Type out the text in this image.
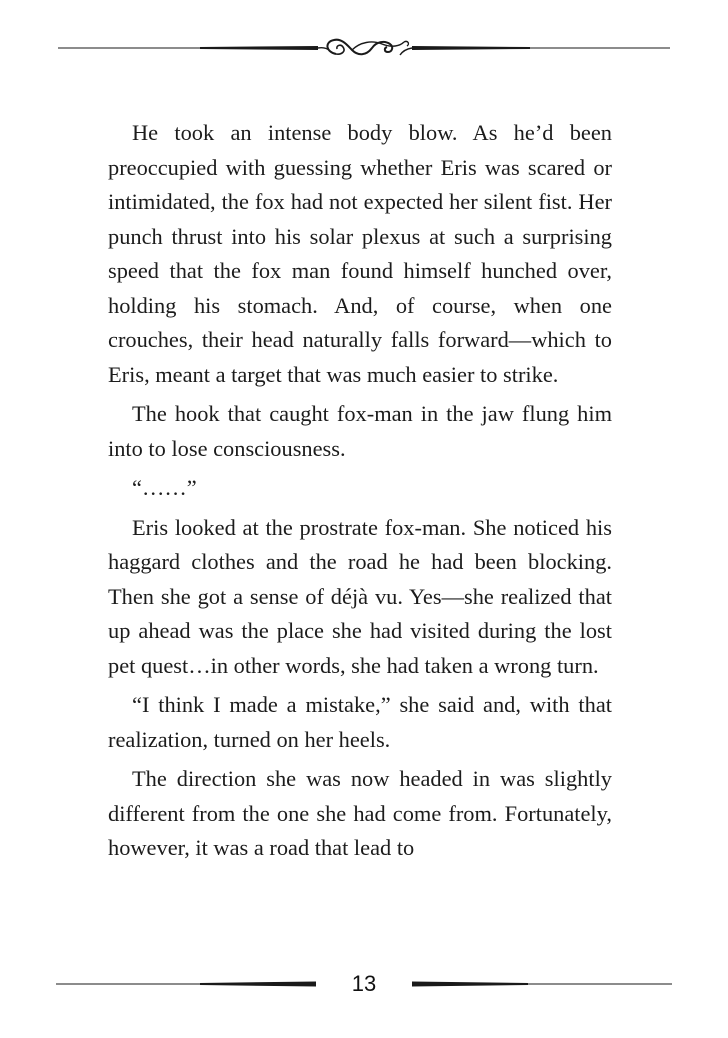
He took an intense body blow. As he’d been preoccupied with guessing whether Eris was scared or intimidated, the fox had not expected her silent fist. Her punch thrust into his solar plexus at such a surprising speed that the fox man found himself hunched over, holding his stomach. And, of course, when one crouches, their head naturally falls forward—which to Eris, meant a target that was much easier to strike.

The hook that caught fox-man in the jaw flung him into to lose consciousness.

“……”

Eris looked at the prostrate fox-man. She noticed his haggard clothes and the road he had been blocking. Then she got a sense of déjà vu. Yes—she realized that up ahead was the place she had visited during the lost pet quest…in other words, she had taken a wrong turn.

“I think I made a mistake,” she said and, with that realization, turned on her heels.

The direction she was now headed in was slightly different from the one she had come from. Fortunately, however, it was a road that lead to

13
